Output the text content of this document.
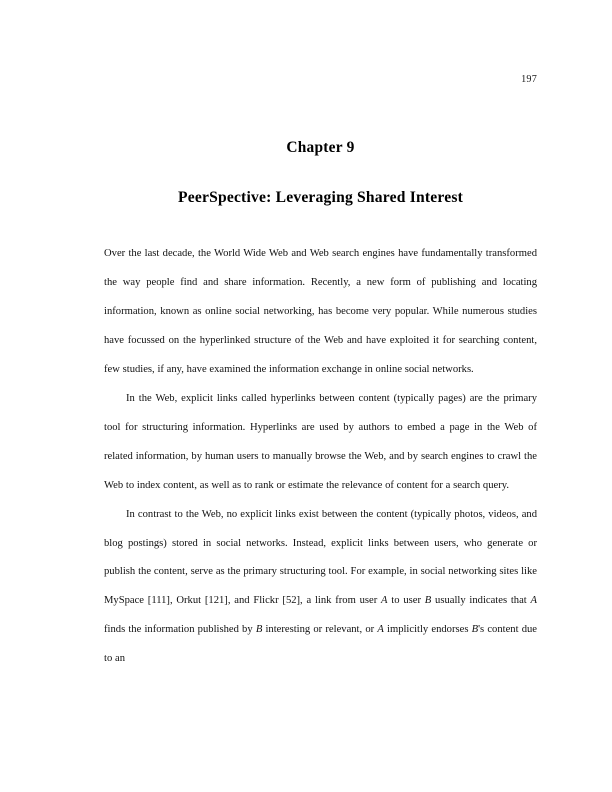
197
Chapter 9
PeerSpective: Leveraging Shared Interest

Over the last decade, the World Wide Web and Web search engines have fundamentally transformed the way people find and share information. Recently, a new form of publishing and locating information, known as online social networking, has become very popular. While numerous studies have focussed on the hyperlinked structure of the Web and have exploited it for searching content, few studies, if any, have examined the information exchange in online social networks.

In the Web, explicit links called hyperlinks between content (typically pages) are the primary tool for structuring information. Hyperlinks are used by authors to embed a page in the Web of related information, by human users to manually browse the Web, and by search engines to crawl the Web to index content, as well as to rank or estimate the relevance of content for a search query.

In contrast to the Web, no explicit links exist between the content (typically photos, videos, and blog postings) stored in social networks. Instead, explicit links between users, who generate or publish the content, serve as the primary structuring tool. For example, in social networking sites like MySpace [111], Orkut [121], and Flickr [52], a link from user A to user B usually indicates that A finds the information published by B interesting or relevant, or A implicitly endorses B's content due to an
